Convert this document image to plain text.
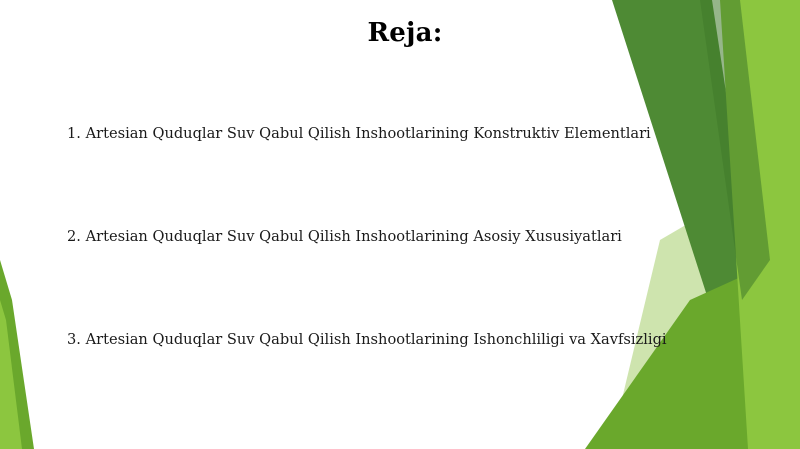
Reja:
1. Artesian Quduqlar Suv Qabul Qilish Inshootlarining Konstruktiv Elementlari
2. Artesian Quduqlar Suv Qabul Qilish Inshootlarining Asosiy Xususiyatlari
3. Artesian Quduqlar Suv Qabul Qilish Inshootlarining Ishonchliligi va Xavfsizligi
